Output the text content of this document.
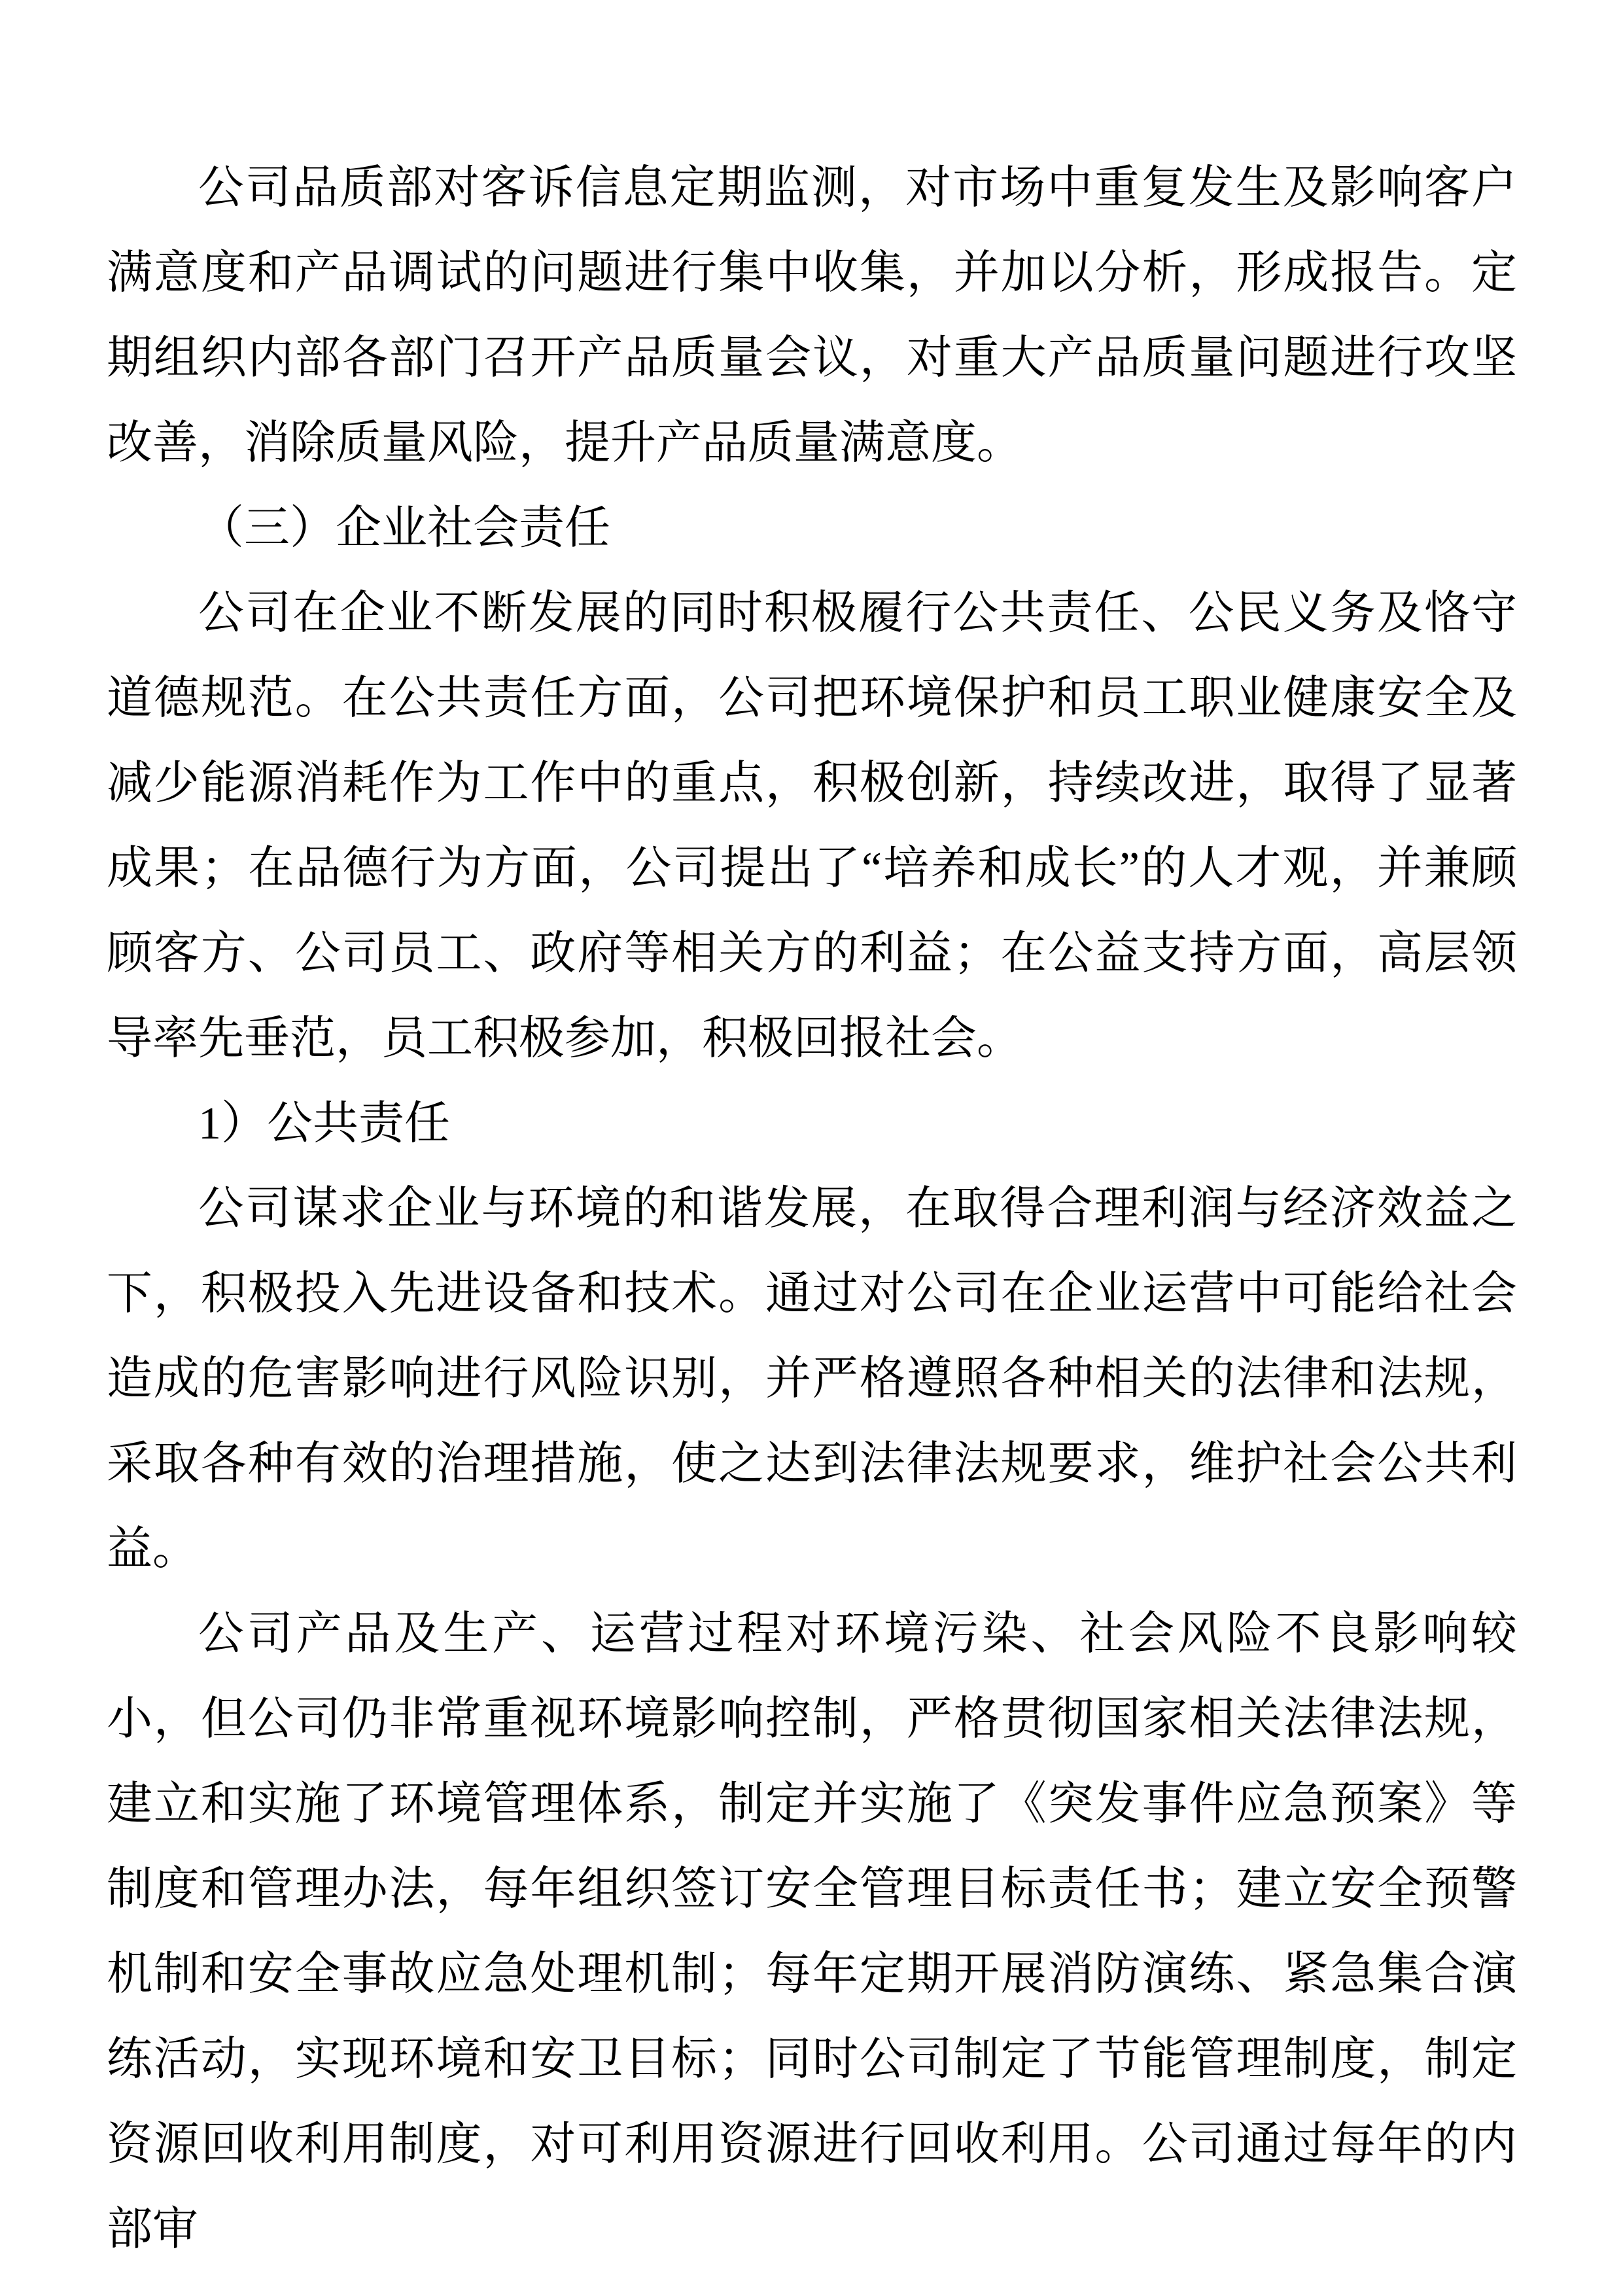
公司品质部对客诉信息定期监测，对市场中重复发生及影响客户满意度和产品调试的问题进行集中收集，并加以分析，形成报告。定期组织内部各部门召开产品质量会议，对重大产品质量问题进行攻坚改善，消除质量风险，提升产品质量满意度。

（三）企业社会责任

公司在企业不断发展的同时积极履行公共责任、公民义务及恪守道德规范。在公共责任方面，公司把环境保护和员工职业健康安全及减少能源消耗作为工作中的重点，积极创新，持续改进，取得了显著成果；在品德行为方面，公司提出了“培养和成长”的人才观，并兼顾顾客方、公司员工、政府等相关方的利益；在公益支持方面，高层领导率先垂范，员工积极参加，积极回报社会。

1）公共责任

公司谋求企业与环境的和谐发展，在取得合理利润与经济效益之下，积极投入先进设备和技术。通过对公司在企业运营中可能给社会造成的危害影响进行风险识别，并严格遵照各种相关的法律和法规，采取各种有效的治理措施，使之达到法律法规要求，维护社会公共利益。

公司产品及生产、运营过程对环境污染、社会风险不良影响较小，但公司仍非常重视环境影响控制，严格贯彻国家相关法律法规，建立和实施了环境管理体系，制定并实施了《突发事件应急预案》等制度和管理办法，每年组织签订安全管理目标责任书；建立安全预警机制和安全事故应急处理机制；每年定期开展消防演练、紧急集合演练活动，实现环境和安卫目标；同时公司制定了节能管理制度，制定资源回收利用制度，对可利用资源进行回收利用。公司通过每年的内部审
